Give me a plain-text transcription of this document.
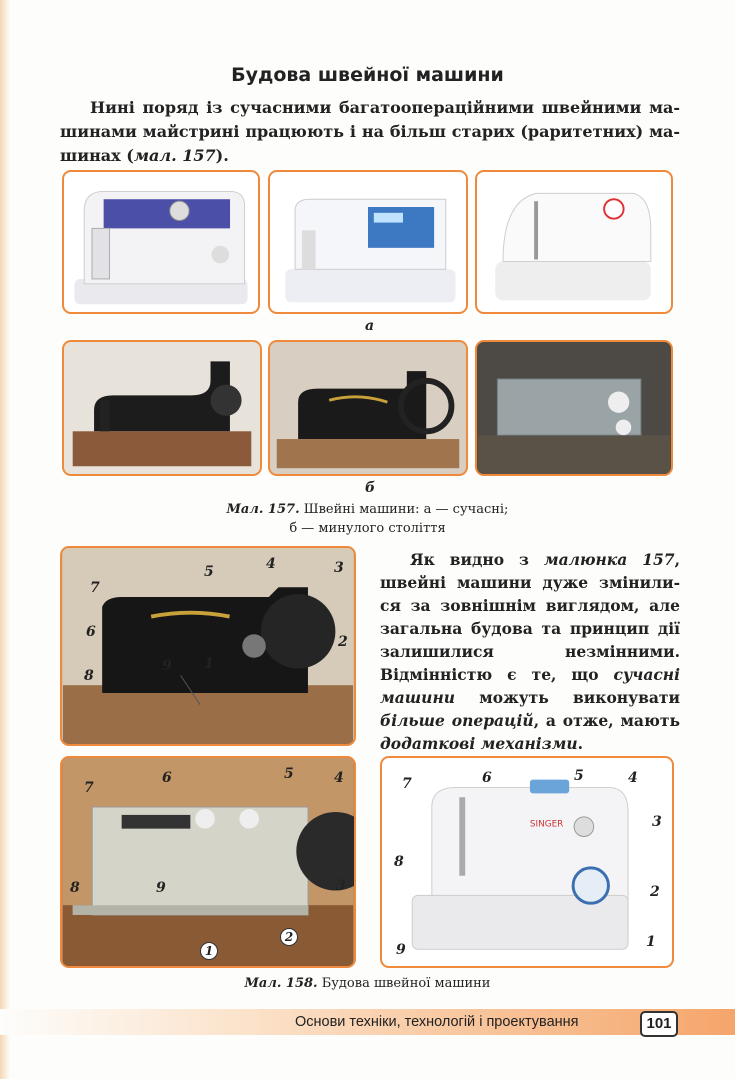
Будова швейної машини
Нині поряд із сучасними багатоопераційними швейними ма-шинами майстрині працюють і на більш старих (раритетних) ма-шинах (мал. 157).
а
б
Мал. 157. Швейні машини: а — сучасні;
б — минулого століття
7
6
8
9 1
5	4	3
2
Як видно з малюнка 157, швейні машини дуже змінили-ся за зовнішнім виглядом, але загальна будова та принцип дії залишилися незмінними. Відмінністю є те, що сучасні машини можуть виконувати більше операцій, а отже, мають додаткові механізми.
7
6	5	4
3
8	9
1
2
SINGER
7	6	5	4
3
2
1
8
9
Мал. 158. Будова швейної машини
Основи техніки, технологій і проектування	101
